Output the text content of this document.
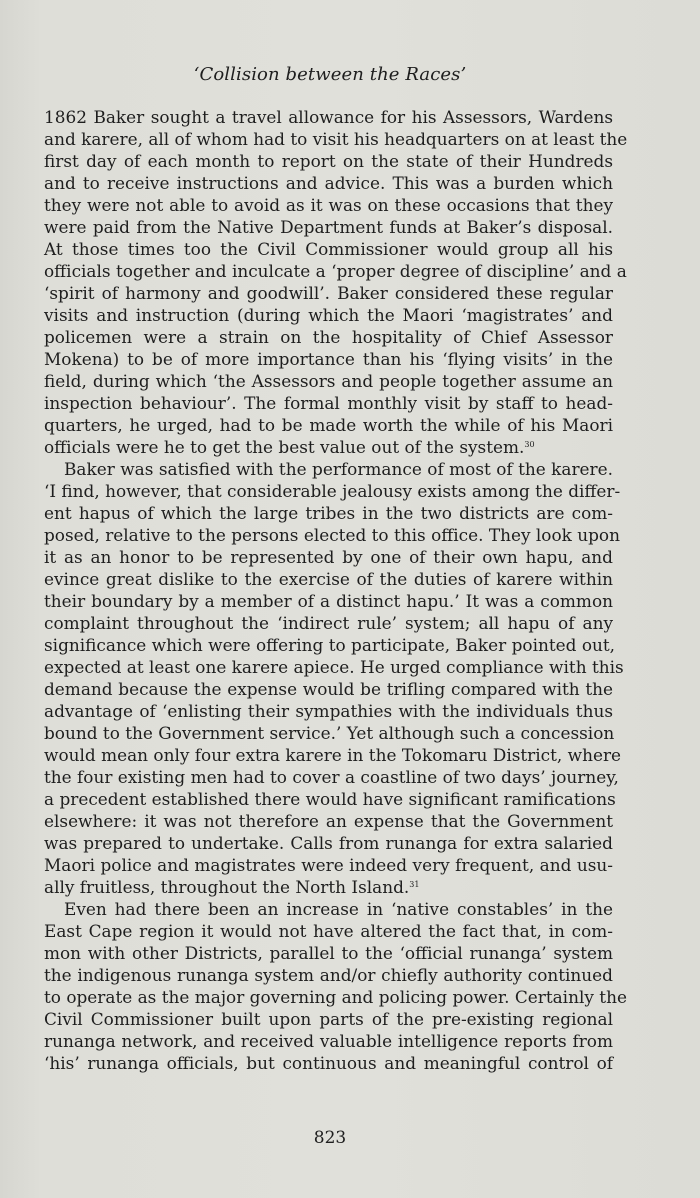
‘Collision between the Races’
1862 Baker sought a travel allowance for his Assessors, Wardens
and karere, all of whom had to visit his headquarters on at least the
first day of each month to report on the state of their Hundreds
and to receive instructions and advice. This was a burden which
they were not able to avoid as it was on these occasions that they
were paid from the Native Department funds at Baker’s disposal.
At those times too the Civil Commissioner would group all his
officials together and inculcate a ‘proper degree of discipline’ and a
‘spirit of harmony and goodwill’. Baker considered these regular
visits and instruction (during which the Maori ‘magistrates’ and
policemen were a strain on the hospitality of Chief Assessor
Mokena) to be of more importance than his ‘flying visits’ in the
field, during which ‘the Assessors and people together assume an
inspection behaviour’. The formal monthly visit by staff to head-
quarters, he urged, had to be made worth the while of his Maori
officials were he to get the best value out of the system.$^{30}$
Baker was satisfied with the performance of most of the karere.
‘I find, however, that considerable jealousy exists among the differ-
ent hapus of which the large tribes in the two districts are com-
posed, relative to the persons elected to this office. They look upon
it as an honor to be represented by one of their own hapu, and
evince great dislike to the exercise of the duties of karere within
their boundary by a member of a distinct hapu.’ It was a common
complaint throughout the ‘indirect rule’ system; all hapu of any
significance which were offering to participate, Baker pointed out,
expected at least one karere apiece. He urged compliance with this
demand because the expense would be trifling compared with the
advantage of ‘enlisting their sympathies with the individuals thus
bound to the Government service.’ Yet although such a concession
would mean only four extra karere in the Tokomaru District, where
the four existing men had to cover a coastline of two days’ journey,
a precedent established there would have significant ramifications
elsewhere: it was not therefore an expense that the Government
was prepared to undertake. Calls from runanga for extra salaried
Maori police and magistrates were indeed very frequent, and usu-
ally fruitless, throughout the North Island.$^{31}$
Even had there been an increase in ‘native constables’ in the
East Cape region it would not have altered the fact that, in com-
mon with other Districts, parallel to the ‘official runanga’ system
the indigenous runanga system and/or chiefly authority continued
to operate as the major governing and policing power. Certainly the
Civil Commissioner built upon parts of the pre-existing regional
runanga network, and received valuable intelligence reports from
‘his’ runanga officials, but continuous and meaningful control of
823
